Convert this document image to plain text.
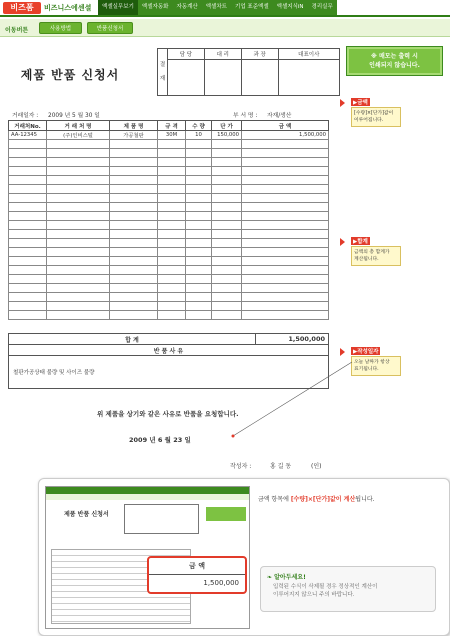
비즈폼	비즈니스에센셜	엑셀실무보기	엑셀자동화	자동계산	엑셀차트	기업 표준엑셀	엑셀지식iN	경리실무
이동버튼	사용방법	반품신청서
※ 매모는 출력 시
인쇄되지 않습니다.
제품 반품 신청서
결재	담 당	대 리	과 장	대표이사

거래일자 : 2009 년 5 월 30 일	부 서 명 : 자재/생산
거래처No.	거 래 처 명	제 품 명	규 격	수 량	단 가	금 액
AA-12345	(주)인비스털	가공철판	30M	10	150,000	1,500,000

합 계	1,500,000
반 품 사 유
철판가공상태 불량 및 사이즈 불량
위 제품을 상기와 같은 사유로 반품을 요청합니다.
2009 년 6 월 23 일
작성자 :	홍 길 동	(인)
▶금액
[수량]×[단가]값이
이루어집니다.
▶합계
금액의 총 합계가
계산됩니다.
▶작성일자
오늘 날짜가 항상
표기됩니다.
제품 반품 신청서
금 액
1,500,000
금액 항목에 [수량]×[단가]값이 계산됩니다.
❧ 알아두세요!
입력된 수식이 삭제될 경우 정상적인 계산이
이루어지지 않으니 주의 바랍니다.
